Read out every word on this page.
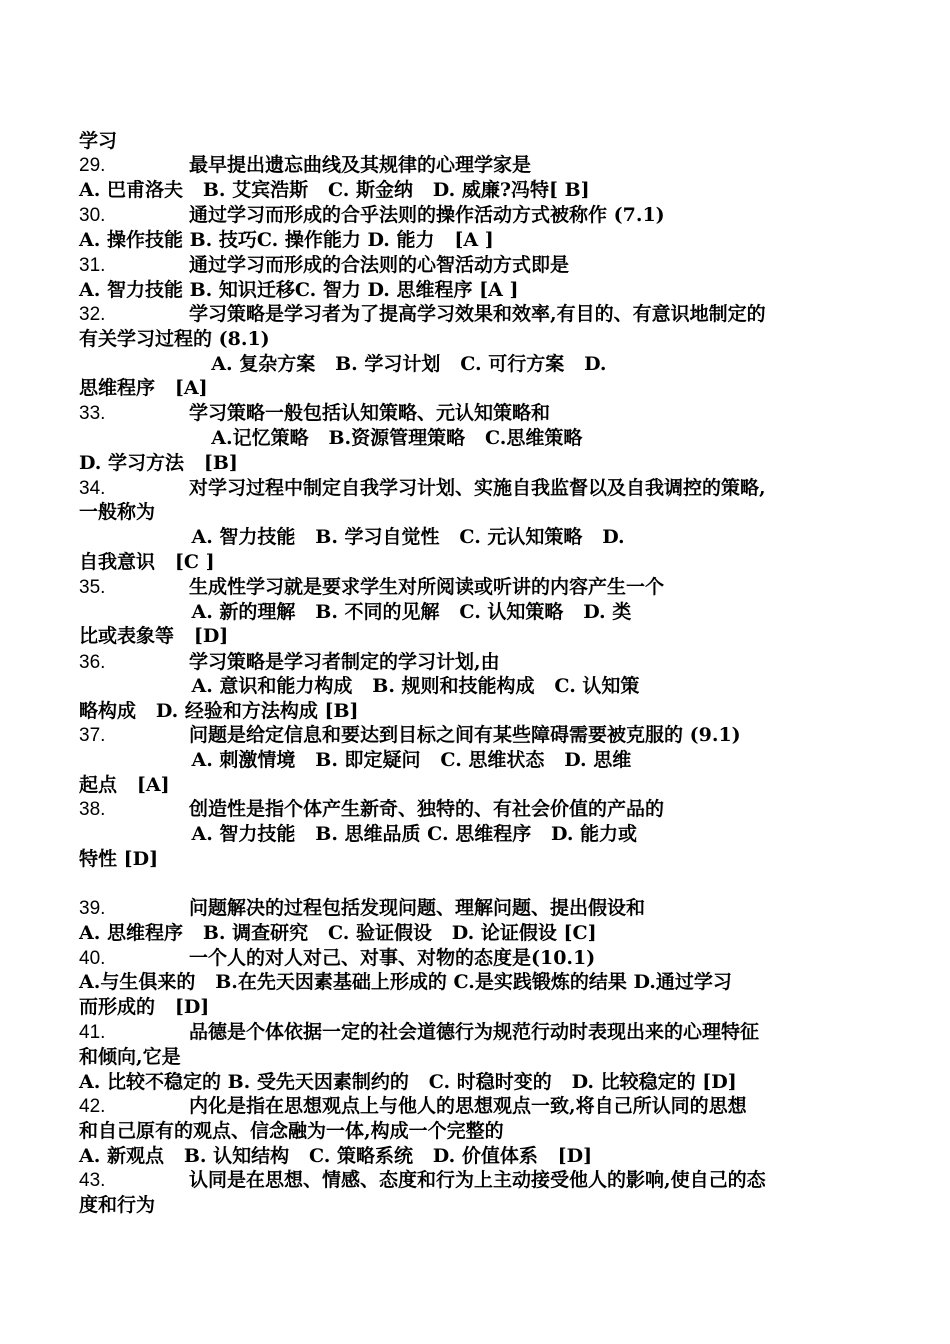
学习
29.	最早提出遗忘曲线及其规律的心理学家是
A. 巴甫洛夫   B. 艾宾浩斯   C. 斯金纳   D. 威廉?冯特[ B]
30.	通过学习而形成的合乎法则的操作活动方式被称作 (7.1)
A. 操作技能 B. 技巧C. 操作能力 D. 能力   [A ]
31.	通过学习而形成的合法则的心智活动方式即是
A. 智力技能 B. 知识迁移C. 智力 D. 思维程序 [A ]
32.	学习策略是学习者为了提高学习效果和效率,有目的、有意识地制定的
有关学习过程的 (8.1)
A. 复杂方案   B. 学习计划   C. 可行方案   D.
思维程序   [A]
33.	学习策略一般包括认知策略、元认知策略和
A.记忆策略   B.资源管理策略   C.思维策略
D. 学习方法   [B]
34.	对学习过程中制定自我学习计划、实施自我监督以及自我调控的策略,
一般称为
A. 智力技能   B. 学习自觉性   C. 元认知策略   D.
自我意识   [C ]
35.	生成性学习就是要求学生对所阅读或听讲的内容产生一个
A. 新的理解   B. 不同的见解   C. 认知策略   D. 类
比或表象等   [D]
36.	学习策略是学习者制定的学习计划,由
A. 意识和能力构成   B. 规则和技能构成   C. 认知策
略构成   D. 经验和方法构成 [B]
37.	问题是给定信息和要达到目标之间有某些障碍需要被克服的 (9.1)
A. 刺激情境   B. 即定疑问   C. 思维状态   D. 思维
起点   [A]
38.	创造性是指个体产生新奇、独特的、有社会价值的产品的
A. 智力技能   B. 思维品质 C. 思维程序   D. 能力或
特性 [D]
39.	问题解决的过程包括发现问题、理解问题、提出假设和
A. 思维程序   B. 调查研究   C. 验证假设   D. 论证假设 [C]
40.	一个人的对人对己、对事、对物的态度是(10.1)
A.与生俱来的   B.在先天因素基础上形成的 C.是实践锻炼的结果 D.通过学习
而形成的   [D]
41.	品德是个体依据一定的社会道德行为规范行动时表现出来的心理特征
和倾向,它是
A. 比较不稳定的 B. 受先天因素制约的   C. 时稳时变的   D. 比较稳定的 [D]
42.	内化是指在思想观点上与他人的思想观点一致,将自己所认同的思想
和自己原有的观点、信念融为一体,构成一个完整的
A. 新观点   B. 认知结构   C. 策略系统   D. 价值体系   [D]
43.	认同是在思想、情感、态度和行为上主动接受他人的影响,使自己的态
度和行为
